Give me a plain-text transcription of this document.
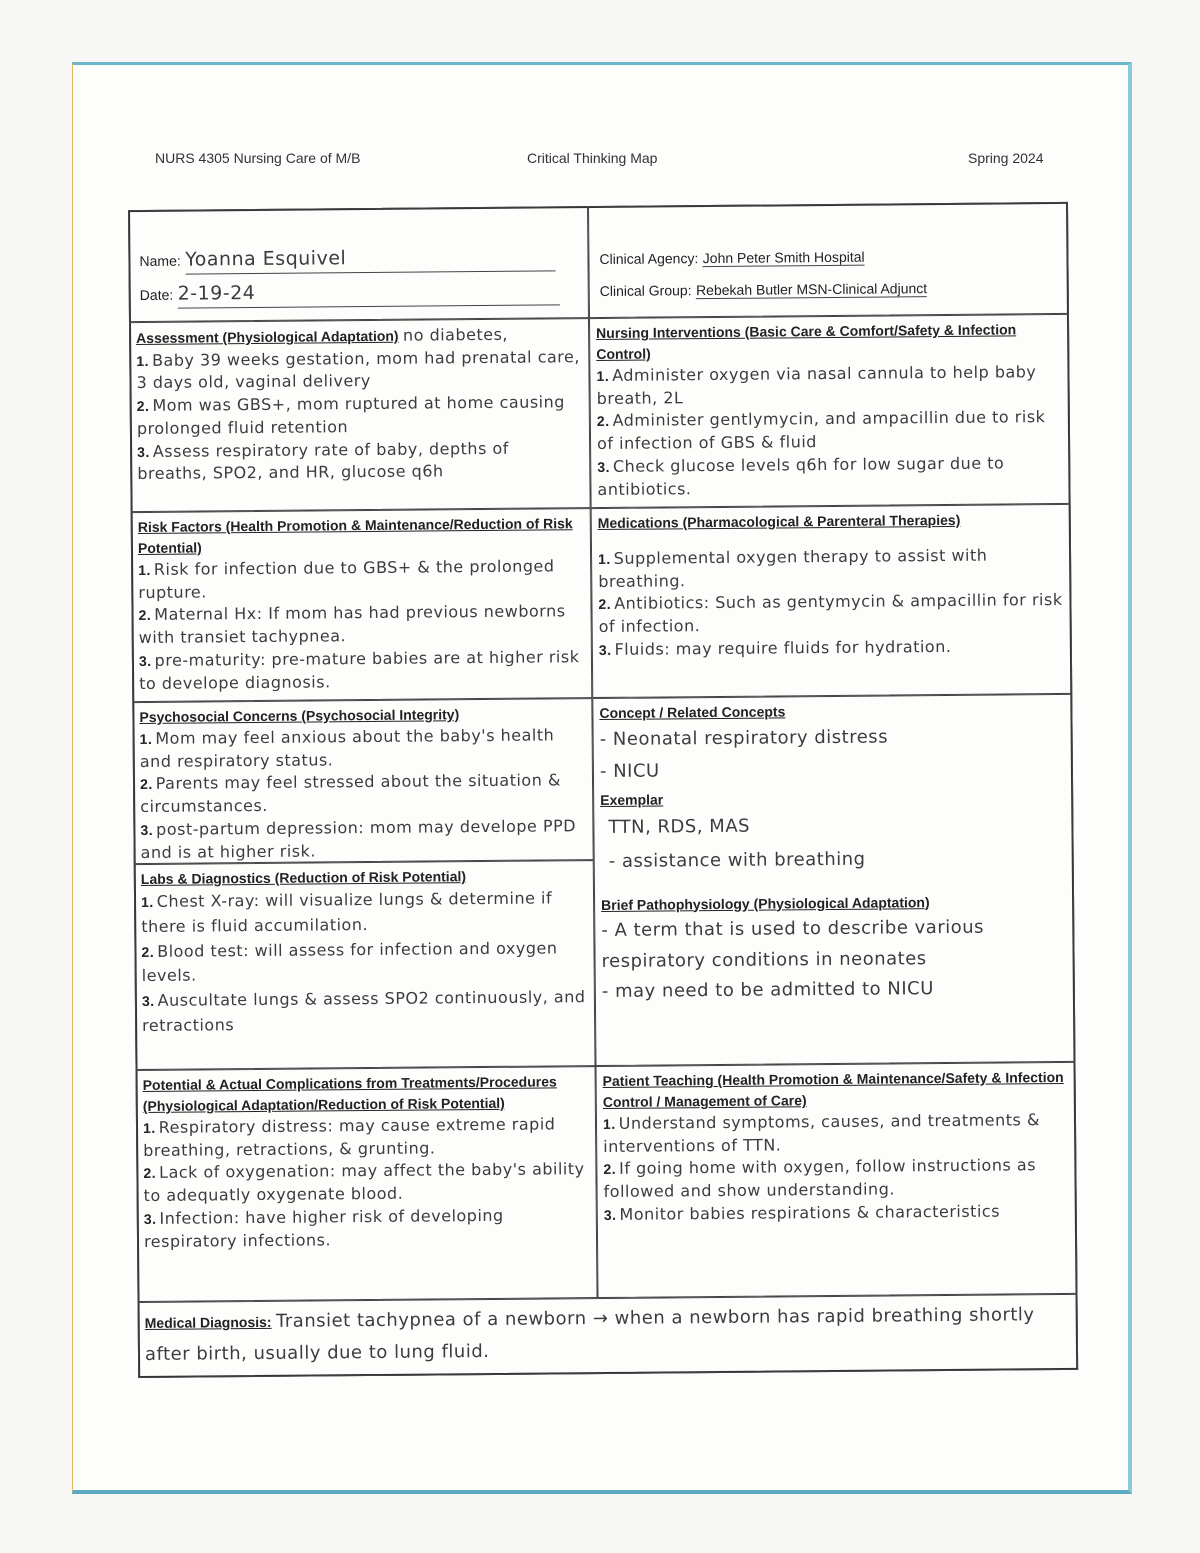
NURS 4305 Nursing Care of M/B	Critical Thinking Map	Spring 2024
Name: Yoanna Esquivel
Date: 2-19-24
Clinical Agency: John Peter Smith Hospital
Clinical Group: Rebekah Butler MSN-Clinical Adjunct
Assessment (Physiological Adaptation) no diabetes,
1. Baby 39 weeks gestation, mom had prenatal care, 3 days old, vaginal delivery
2. Mom was GBS+, mom ruptured at home causing prolonged fluid retention
3. Assess respiratory rate of baby, depths of breaths, SPO2, and HR, glucose q6h
Nursing Interventions (Basic Care & Comfort/Safety & Infection Control)
1. Administer oxygen via nasal cannula to help baby breath, 2L
2. Administer gentlymycin, and ampacillin due to risk of infection of GBS & fluid
3. Check glucose levels q6h for low sugar due to antibiotics.
Risk Factors (Health Promotion & Maintenance/Reduction of Risk Potential)
1. Risk for infection due to GBS+ & the prolonged rupture.
2. Maternal Hx: If mom has had previous newborns with transiet tachypnea.
3. pre-maturity: pre-mature babies are at higher risk to develope diagnosis.
Medications (Pharmacological & Parenteral Therapies)
1. Supplemental oxygen therapy to assist with breathing.
2. Antibiotics: Such as gentymycin & ampacillin for risk of infection.
3. Fluids: may require fluids for hydration.
Psychosocial Concerns (Psychosocial Integrity)
1. Mom may feel anxious about the baby's health and respiratory status.
2. Parents may feel stressed about the situation & circumstances.
3. post-partum depression: mom may develope PPD and is at higher risk.
Concept / Related Concepts
- Neonatal respiratory distress
- NICU
Exemplar
TTN, RDS, MAS
- assistance with breathing
Brief Pathophysiology (Physiological Adaptation)
- A term that is used to describe various respiratory conditions in neonates
- may need to be admitted to NICU
Labs & Diagnostics (Reduction of Risk Potential)
1. Chest X-ray: will visualize lungs & determine if there is fluid accumilation.
2. Blood test: will assess for infection and oxygen levels.
3. Auscultate lungs & assess SPO2 continuously, and retractions
Potential & Actual Complications from Treatments/Procedures (Physiological Adaptation/Reduction of Risk Potential)
1. Respiratory distress: may cause extreme rapid breathing, retractions, & grunting.
2. Lack of oxygenation: may affect the baby's ability to adequatly oxygenate blood.
3. Infection: have higher risk of developing respiratory infections.
Patient Teaching (Health Promotion & Maintenance/Safety & Infection Control / Management of Care)
1. Understand symptoms, causes, and treatments & interventions of TTN.
2. If going home with oxygen, follow instructions as followed and show understanding.
3. Monitor babies respirations & characteristics
Medical Diagnosis: Transiet tachypnea of a newborn → when a newborn has rapid breathing shortly after birth, usually due to lung fluid.
